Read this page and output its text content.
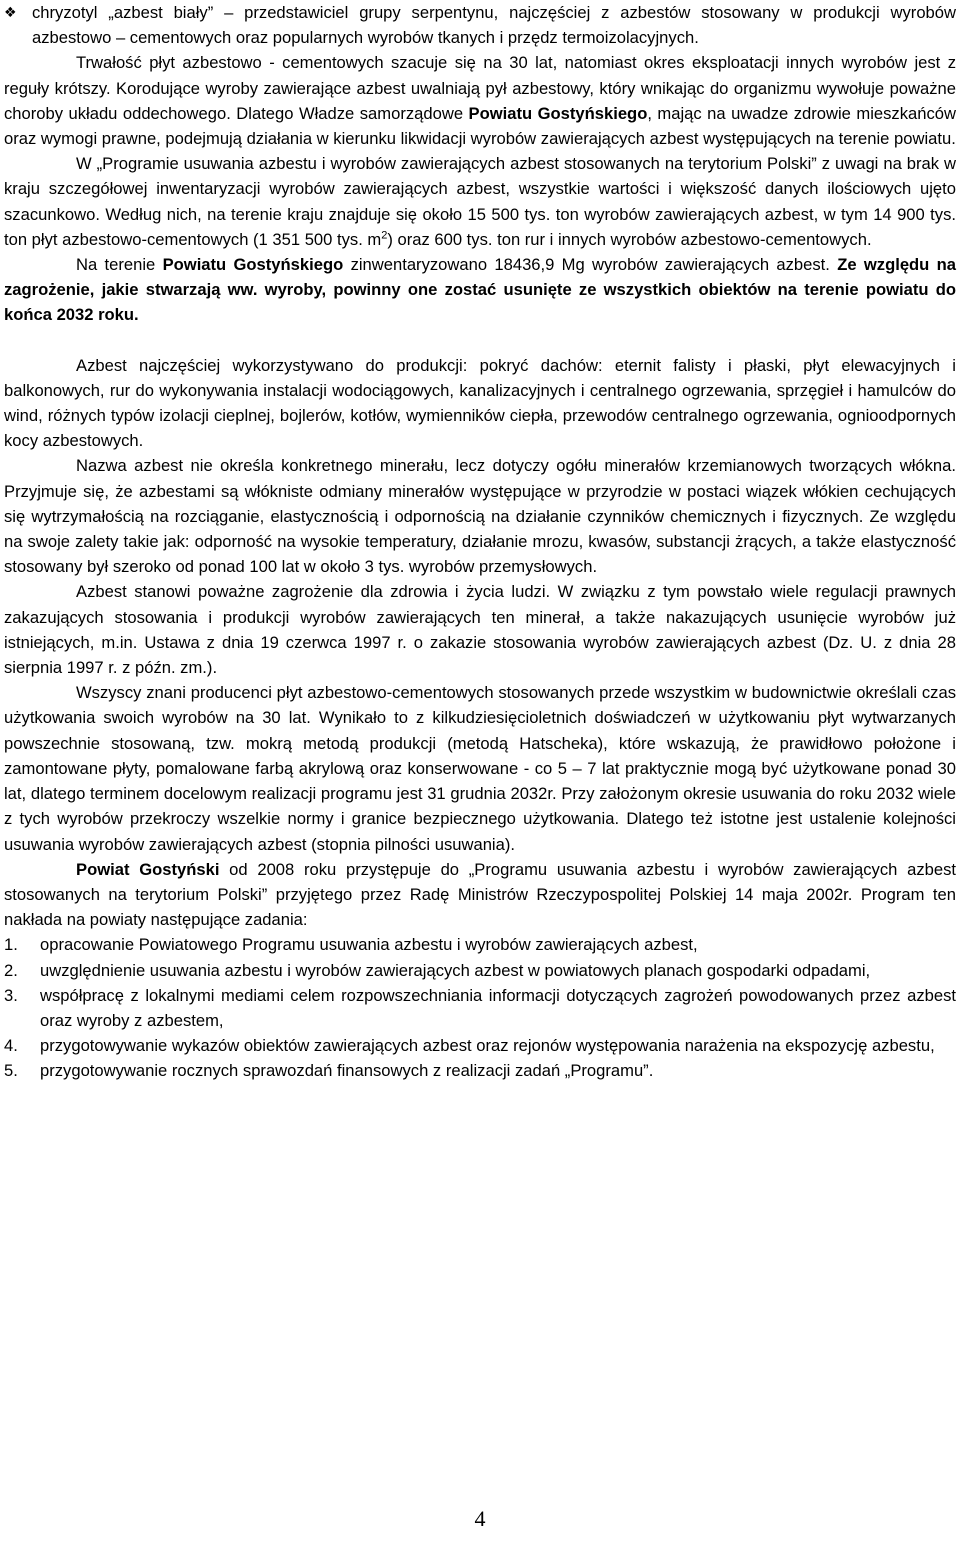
❖ chryzotyl „azbest biały” – przedstawiciel grupy serpentynu, najczęściej z azbestów stosowany w produkcji wyrobów azbestowo – cementowych oraz popularnych wyrobów tkanych i przędz termoizolacyjnych.

Trwałość płyt azbestowo - cementowych szacuje się na 30 lat, natomiast okres eksploatacji innych wyrobów jest z reguły krótszy. Korodujące wyroby zawierające azbest uwalniają pył azbestowy, który wnikając do organizmu wywołuje poważne choroby układu oddechowego. Dlatego Władze samorządowe Powiatu Gostyńskiego, mając na uwadze zdrowie mieszkańców oraz wymogi prawne, podejmują działania w kierunku likwidacji wyrobów zawierających azbest występujących na terenie powiatu.

W „Programie usuwania azbestu i wyrobów zawierających azbest stosowanych na terytorium Polski” z uwagi na brak w kraju szczegółowej inwentaryzacji wyrobów zawierających azbest, wszystkie wartości i większość danych ilościowych ujęto szacunkowo. Według nich, na terenie kraju znajduje się około 15 500 tys. ton wyrobów zawierających azbest, w tym 14 900 tys. ton płyt azbestowo-cementowych (1 351 500 tys. $m^2$) oraz 600 tys. ton rur i innych wyrobów azbestowo-cementowych.

Na terenie Powiatu Gostyńskiego zinwentaryzowano 18436,9 Mg wyrobów zawierających azbest. Ze względu na zagrożenie, jakie stwarzają ww. wyroby, powinny one zostać usunięte ze wszystkich obiektów na terenie powiatu do końca 2032 roku.

Azbest najczęściej wykorzystywano do produkcji: pokryć dachów: eternit falisty i płaski, płyt elewacyjnych i balkonowych, rur do wykonywania instalacji wodociągowych, kanalizacyjnych i centralnego ogrzewania, sprzęgieł i hamulców do wind, różnych typów izolacji cieplnej, bojlerów, kotłów, wymienników ciepła, przewodów centralnego ogrzewania, ognioodpornych kocy azbestowych.

Nazwa azbest nie określa konkretnego minerału, lecz dotyczy ogółu minerałów krzemianowych tworzących włókna. Przyjmuje się, że azbestami są włókniste odmiany minerałów występujące w przyrodzie w postaci wiązek włókien cechujących się wytrzymałością na rozciąganie, elastycznością i odpornością na działanie czynników chemicznych i fizycznych. Ze względu na swoje zalety takie jak: odporność na wysokie temperatury, działanie mrozu, kwasów, substancji żrących, a także elastyczność stosowany był szeroko od ponad 100 lat w około 3 tys. wyrobów przemysłowych.

Azbest stanowi poważne zagrożenie dla zdrowia i życia ludzi. W związku z tym powstało wiele regulacji prawnych zakazujących stosowania i produkcji wyrobów zawierających ten minerał, a także nakazujących usunięcie wyrobów już istniejących, m.in. Ustawa z dnia 19 czerwca 1997 r. o zakazie stosowania wyrobów zawierających azbest (Dz. U. z dnia 28 sierpnia 1997 r. z późn. zm.).

Wszyscy znani producenci płyt azbestowo-cementowych stosowanych przede wszystkim w budownictwie określali czas użytkowania swoich wyrobów na 30 lat. Wynikało to z kilkudziesięcioletnich doświadczeń w użytkowaniu płyt wytwarzanych powszechnie stosowaną, tzw. mokrą metodą produkcji (metodą Hatscheka), które wskazują, że prawidłowo położone i zamontowane płyty, pomalowane farbą akrylową oraz konserwowane - co 5 – 7 lat praktycznie mogą być użytkowane ponad 30 lat, dlatego terminem docelowym realizacji programu jest 31 grudnia 2032r. Przy założonym okresie usuwania do roku 2032 wiele z tych wyrobów przekroczy wszelkie normy i granice bezpiecznego użytkowania. Dlatego też istotne jest ustalenie kolejności usuwania wyrobów zawierających azbest (stopnia pilności usuwania).

Powiat Gostyński od 2008 roku przystępuje do „Programu usuwania azbestu i wyrobów zawierających azbest stosowanych na terytorium Polski” przyjętego przez Radę Ministrów Rzeczypospolitej Polskiej 14 maja 2002r. Program ten nakłada na powiaty następujące zadania:

1.	opracowanie Powiatowego Programu usuwania azbestu i wyrobów zawierających azbest,
2.	uwzględnienie usuwania azbestu i wyrobów zawierających azbest w powiatowych planach gospodarki odpadami,
3.	współpracę z lokalnymi mediami celem rozpowszechniania informacji dotyczących zagrożeń powodowanych przez azbest oraz wyroby z azbestem,
4.	przygotowywanie wykazów obiektów zawierających azbest oraz rejonów występowania narażenia na ekspozycję azbestu,
5.	przygotowywanie rocznych sprawozdań finansowych z realizacji zadań „Programu”.
4
